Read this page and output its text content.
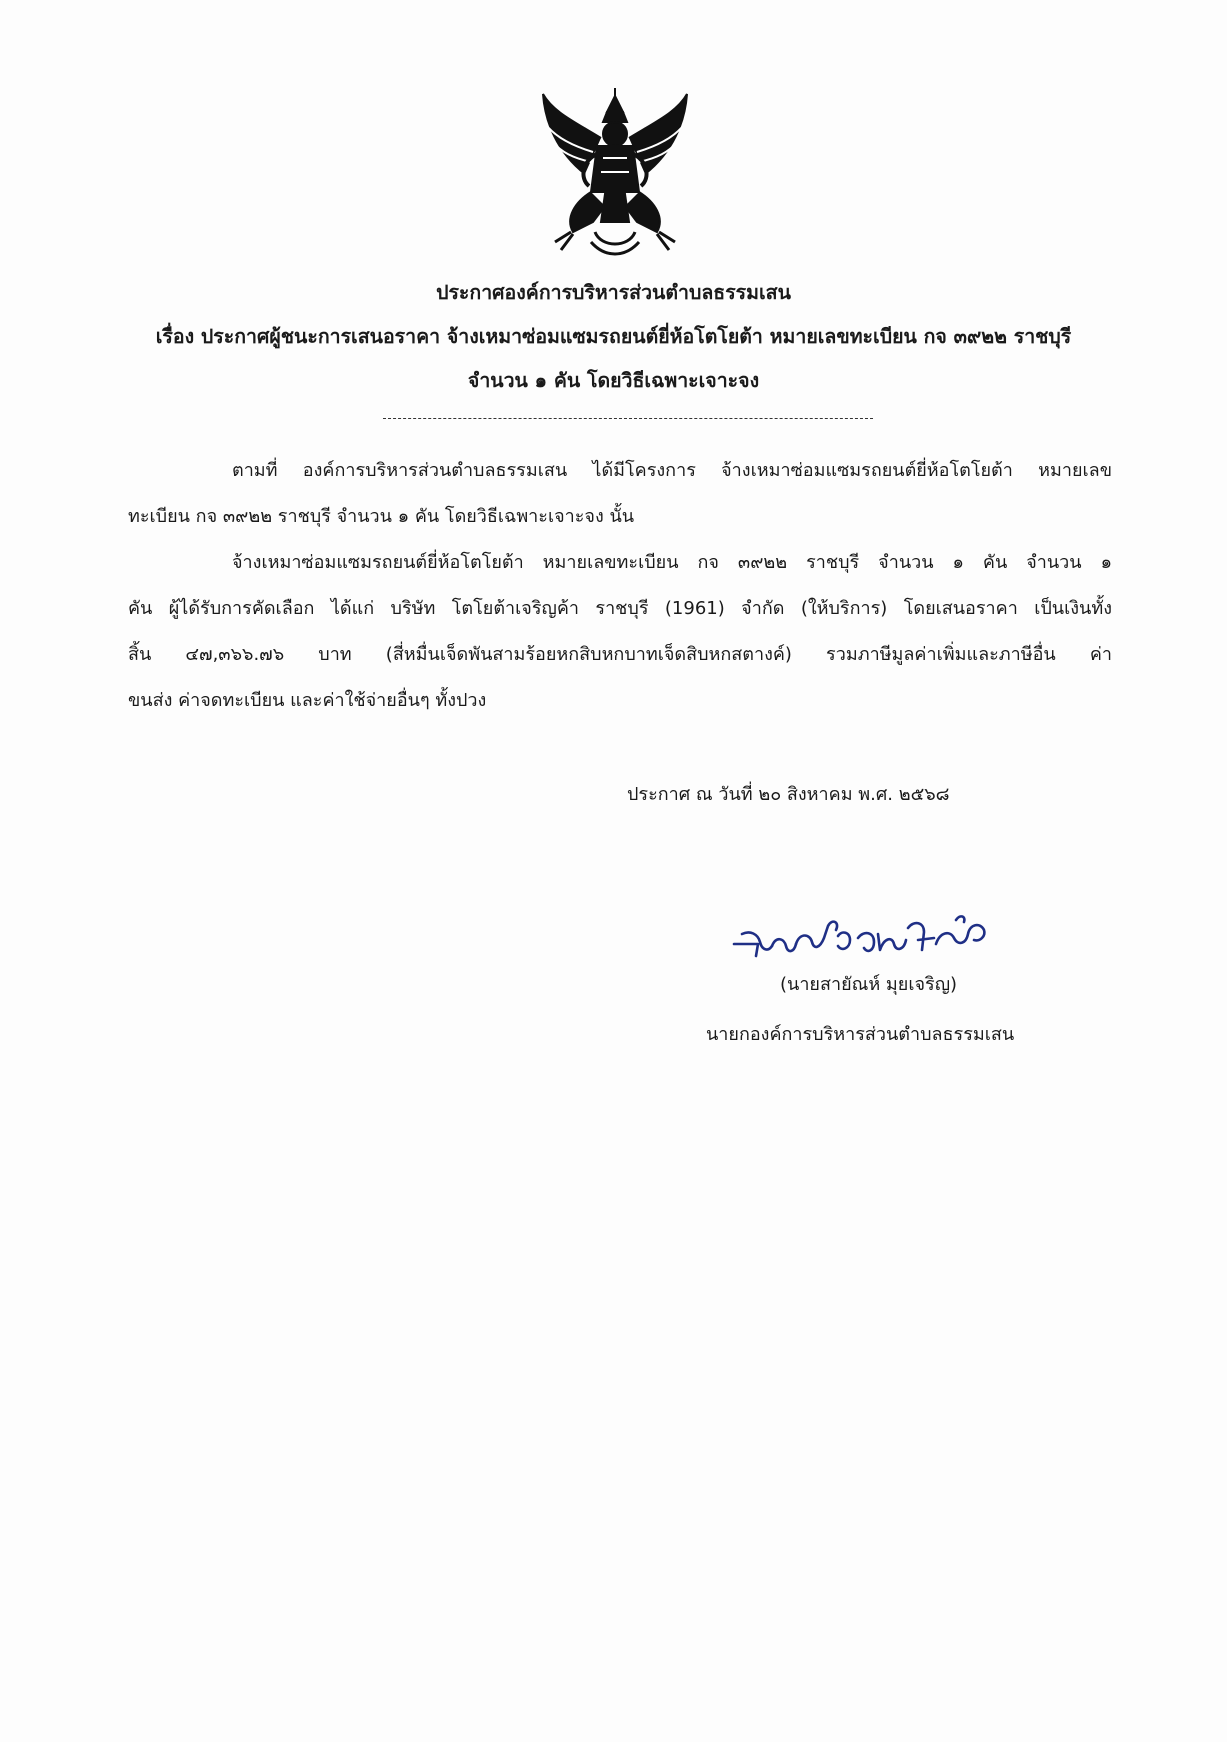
ประกาศองค์การบริหารส่วนตำบลธรรมเสน
เรื่อง ประกาศผู้ชนะการเสนอราคา จ้างเหมาซ่อมแซมรถยนต์ยี่ห้อโตโยต้า หมายเลขทะเบียน กจ ๓๙๒๒ ราชบุรี
จำนวน ๑ คัน โดยวิธีเฉพาะเจาะจง
ตามที่ องค์การบริหารส่วนตำบลธรรมเสน ได้มีโครงการ จ้างเหมาซ่อมแซมรถยนต์ยี่ห้อโตโยต้า หมายเลข
ทะเบียน กจ ๓๙๒๒ ราชบุรี จำนวน ๑ คัน โดยวิธีเฉพาะเจาะจง นั้น
จ้างเหมาซ่อมแซมรถยนต์ยี่ห้อโตโยต้า หมายเลขทะเบียน กจ ๓๙๒๒ ราชบุรี จำนวน ๑ คัน จำนวน ๑
คัน ผู้ได้รับการคัดเลือก ได้แก่ บริษัท โตโยต้าเจริญค้า ราชบุรี (1961) จำกัด (ให้บริการ) โดยเสนอราคา เป็นเงินทั้ง
สิ้น ๔๗,๓๖๖.๗๖ บาท (สี่หมื่นเจ็ดพันสามร้อยหกสิบหกบาทเจ็ดสิบหกสตางค์) รวมภาษีมูลค่าเพิ่มและภาษีอื่น ค่า
ขนส่ง ค่าจดทะเบียน และค่าใช้จ่ายอื่นๆ ทั้งปวง
ประกาศ ณ วันที่ ๒๐ สิงหาคม พ.ศ. ๒๕๖๘
(นายสายัณห์ มุยเจริญ)
นายกองค์การบริหารส่วนตำบลธรรมเสน
